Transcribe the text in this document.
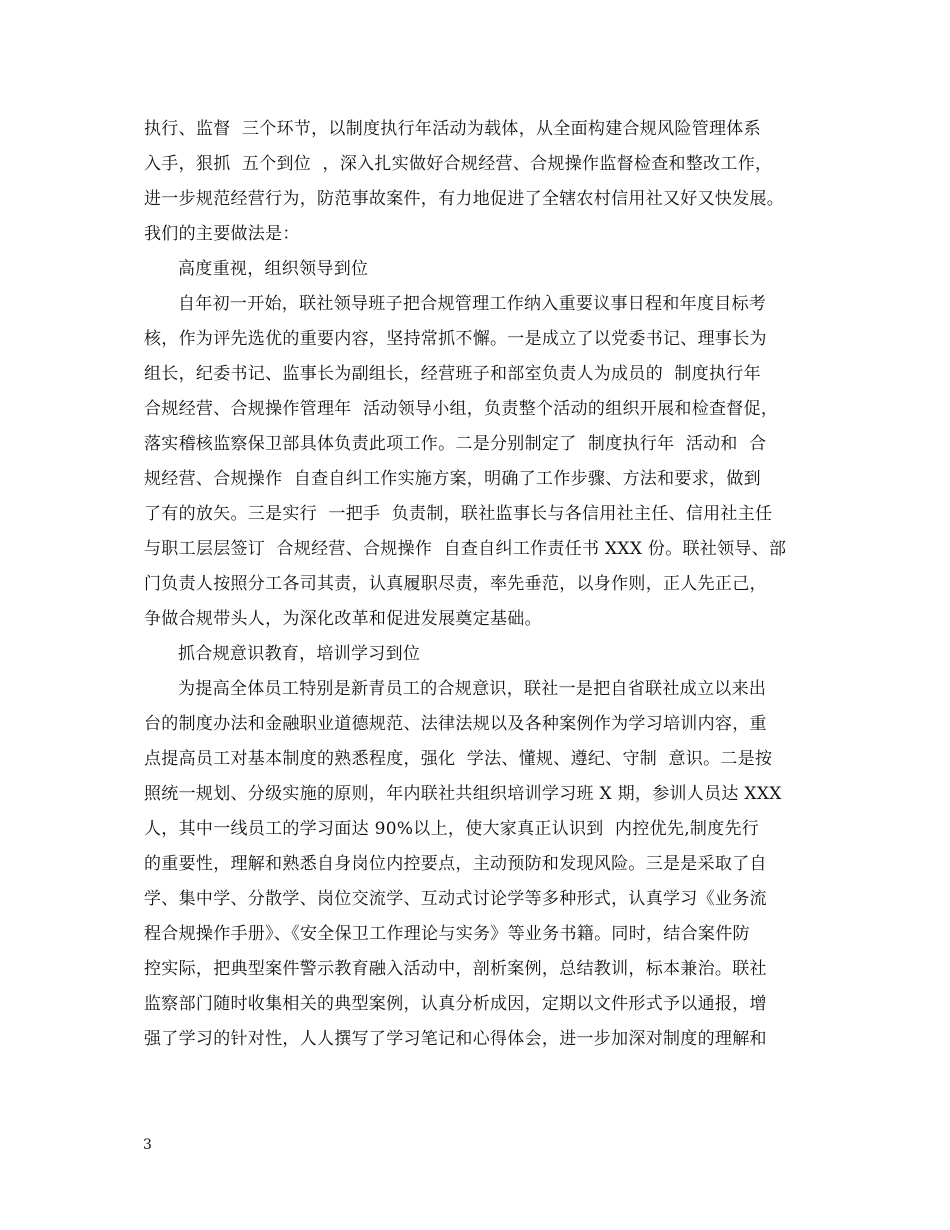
执行、监督  三个环节，以制度执行年活动为载体，从全面构建合规风险管理体系
入手，狠抓  五个到位  ，深入扎实做好合规经营、合规操作监督检查和整改工作，
进一步规范经营行为，防范事故案件，有力地促进了全辖农村信用社又好又快发展。
我们的主要做法是：
高度重视，组织领导到位
自年初一开始，联社领导班子把合规管理工作纳入重要议事日程和年度目标考
核，作为评先选优的重要内容，坚持常抓不懈。一是成立了以党委书记、理事长为
组长，纪委书记、监事长为副组长，经营班子和部室负责人为成员的  制度执行年
合规经营、合规操作管理年  活动领导小组，负责整个活动的组织开展和检查督促，
落实稽核监察保卫部具体负责此项工作。二是分别制定了  制度执行年  活动和  合
规经营、合规操作  自查自纠工作实施方案，明确了工作步骤、方法和要求，做到
了有的放矢。三是实行  一把手  负责制，联社监事长与各信用社主任、信用社主任
与职工层层签订  合规经营、合规操作  自查自纠工作责任书 XXX 份。联社领导、部
门负责人按照分工各司其责，认真履职尽责，率先垂范，以身作则，正人先正己，
争做合规带头人，为深化改革和促进发展奠定基础。
抓合规意识教育，培训学习到位
为提高全体员工特别是新青员工的合规意识，联社一是把自省联社成立以来出
台的制度办法和金融职业道德规范、法律法规以及各种案例作为学习培训内容，重
点提高员工对基本制度的熟悉程度，强化  学法、懂规、遵纪、守制  意识。二是按
照统一规划、分级实施的原则，年内联社共组织培训学习班 X 期，参训人员达 XXX
人，其中一线员工的学习面达 90%以上，使大家真正认识到  内控优先,制度先行
的重要性，理解和熟悉自身岗位内控要点，主动预防和发现风险。三是是采取了自
学、集中学、分散学、岗位交流学、互动式讨论学等多种形式，认真学习《业务流
程合规操作手册》、《安全保卫工作理论与实务》等业务书籍。同时，结合案件防
控实际，把典型案件警示教育融入活动中，剖析案例，总结教训，标本兼治。联社
监察部门随时收集相关的典型案例，认真分析成因，定期以文件形式予以通报，增
强了学习的针对性，人人撰写了学习笔记和心得体会，进一步加深对制度的理解和
3
